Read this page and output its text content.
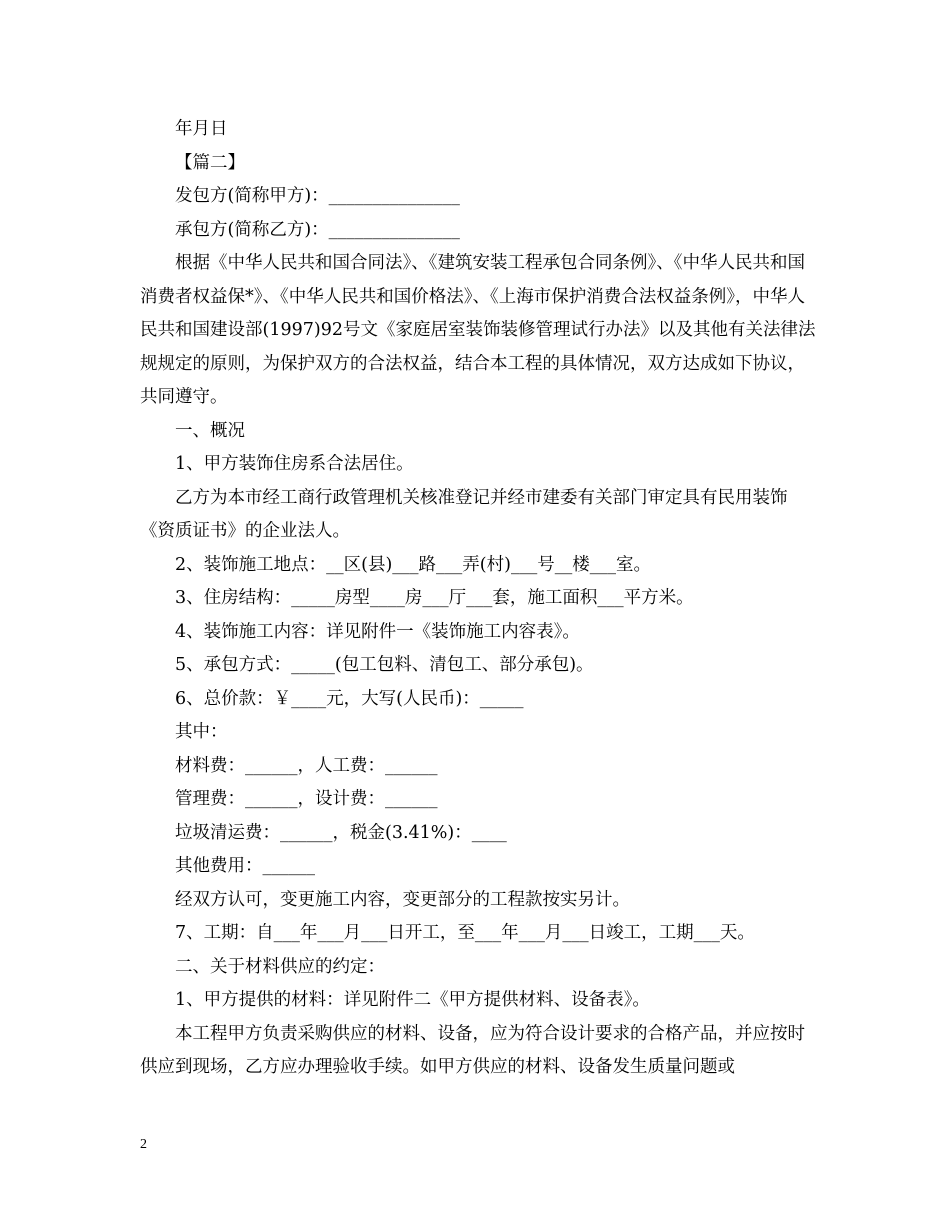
年月日

【篇二】

发包方(简称甲方)：_______________

承包方(简称乙方)：_______________

根据《中华人民共和国合同法》、《建筑安装工程承包合同条例》、《中华人民共和国消费者权益保*》、《中华人民共和国价格法》、《上海市保护消费合法权益条例》，中华人民共和国建设部(1997)92号文《家庭居室装饰装修管理试行办法》以及其他有关法律法规规定的原则，为保护双方的合法权益，结合本工程的具体情况，双方达成如下协议，共同遵守。

一、概况

1、甲方装饰住房系合法居住。

乙方为本市经工商行政管理机关核准登记并经市建委有关部门审定具有民用装饰《资质证书》的企业法人。

2、装饰施工地点：__区(县)___路___弄(村)___号__楼___室。

3、住房结构：_____房型____房___厅___套，施工面积___平方米。

4、装饰施工内容：详见附件一《装饰施工内容表》。

5、承包方式：_____(包工包料、清包工、部分承包)。

6、总价款：￥____元，大写(人民币)：_____

其中：

材料费：______，人工费：______

管理费：______，设计费：______

垃圾清运费：______，税金(3.41%)：____

其他费用：______

经双方认可，变更施工内容，变更部分的工程款按实另计。

7、工期：自___年___月___日开工，至___年___月___日竣工，工期___天。

二、关于材料供应的约定：

1、甲方提供的材料：详见附件二《甲方提供材料、设备表》。

本工程甲方负责采购供应的材料、设备，应为符合设计要求的合格产品，并应按时供应到现场，乙方应办理验收手续。如甲方供应的材料、设备发生质量问题或

2
